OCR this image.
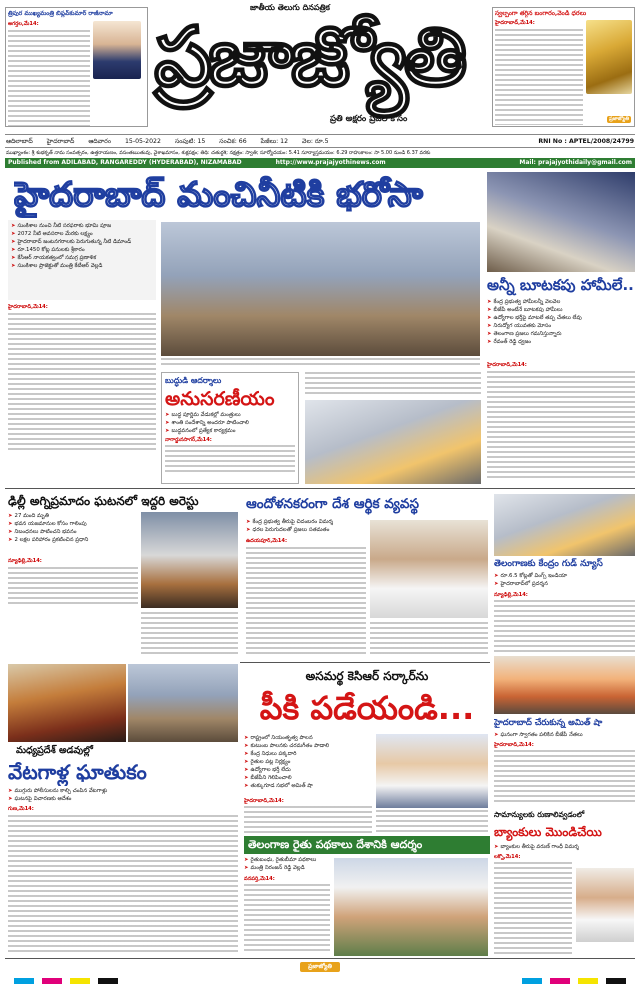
త్రిపుర ముఖ్యమంత్రి బిప్లవ్‌కుమార్ రాజీనామా
అగర్తల,మే14:
జాతీయ తెలుగు దినపత్రిక
ప్రజాజ్యోతి
ప్రతి అక్షరం ప్రజల కోసం
స్వల్పంగా తగ్గిన బంగారం,వెండి ధరలు
హైదరాబాద్,మే14:
ప్రజాజ్యోతి
ఆదిలాబాద్ హైదరాబాద్ ఆదివారం 15-05-2022 సంపుటి: 15 సంచిక: 66 పేజీలు: 12 వెల: రూ.5	RNI No : APTEL/2008/24799
ముఖ్యాంశం: శ్రీ శుభకృత్ నామ సంవత్సరం, ఉత్తరాయణం, వసంతఋతువు, వైశాఖమాసం, శుక్లపక్షం; తిథి: చతుర్దశి; నక్షత్రం: స్వాతి; సూర్యోదయం: 5.41 సూర్యాస్తమయం: 6.29 రాహుకాలం: సా 5.00 నుండి 6.37 వరకు
Published from ADILABAD, RANGAREDDY (HYDERABAD), NIZAMABAD	http://www.prajajyothinews.com	Mail: prajajyothidaily@gmail.com
హైదరాబాద్ మంచినీటికి భరోసా
➤ సుంకిశాల నుంచి నీటి సరఫరాకు భూమి పూజ
➤ 2072 నీటి అవసరాల మేరకు లక్ష్యం
➤ హైదరాబాద్ జంటనగరాలకు పెరుగుతున్న నీటి డిమాండ్
➤ రూ.1450 కోట్ల పనులకు శ్రీకారం
➤ కేసీఆర్ నాయకత్వంలో సమగ్ర ప్రణాళిక
➤ సుంకిశాల ప్రాజెక్టుతో మంత్రి కేటీఆర్ వెల్లడి
హైదరాబాద్,మే14:
అన్నీ బూటకపు హామీలే..
➤ కేంద్ర ప్రభుత్వ హామీలన్నీ వెలవెల
➤ బీజేపీ అంటేనే బూటకపు హామీలు
➤ ఉద్యోగాల భర్తీపై మాటలే తప్ప చేతలు లేవు
➤ నిరుద్యోగ యువతకు మోసం
➤ తెలంగాణ ప్రజలు గమనిస్తున్నారు
➤ రేవంత్ రెడ్డి ధ్వజం
హైదరాబాద్,మే14:
బుద్ధుడి ఆదర్శాలు
అనుసరణీయం
➤ బుద్ధ పూర్ణిమ వేడుకల్లో మంత్రులు
➤ శాంతి సందేశాన్ని అందరూ పాటించాలి
➤ బుద్ధవనంలో ప్రత్యేక కార్యక్రమం
నాగార్జునసాగర్,మే14:
ఢిల్లీ అగ్నిప్రమాదం ఘటనలో ఇద్దరి అరెస్టు
➤ 27 మంది మృతి
➤ భవన యజమానుల కోసం గాలింపు
➤ నిబంధనలు పాటించని భవనం
➤ 2 లక్షల పరిహారం ప్రకటించిన ప్రధాని
న్యూఢిల్లీ,మే14:
ఆందోళనకరంగా దేశ ఆర్థిక వ్యవస్థ
➤ కేంద్ర ప్రభుత్వ తీరుపై చిదంబరం విమర్శ
➤ ధరల పెరుగుదలతో ప్రజలు సతమతం
ఉదయపూర్,మే14:
తెలంగాణకు కేంద్రం గుడ్ న్యూస్
➤ రూ.6.5 కోట్లతో వింగ్స్ ఇండియా
➤ హైదరాబాద్‌లో ప్రదర్శన
న్యూఢిల్లీ,మే14:
అసమర్థ కెసిఆర్ సర్కార్‌ను
పీకి పడేయండి...
➤ రాష్ట్రంలో నియంతృత్వ పాలన
➤ కుటుంబ పాలనకు చరమగీతం పాడాలి
➤ కేంద్ర నిధులు పక్కదారి
➤ రైతుల పట్ల నిర్లక్ష్యం
➤ ఉద్యోగాల భర్తీ లేదు
➤ బీజేపీని గెలిపించాలి
➤ తుక్కుగూడ సభలో అమిత్ షా
హైదరాబాద్,మే14:
మధ్యప్రదేశ్ అడవుల్లో
వేటగాళ్ల ఘాతుకం
➤ ముగ్గురు పోలీసులను కాల్చి చంపిన వేటగాళ్లు
➤ ఘటనపై విచారణకు ఆదేశం
గుణ,మే14:
హైదరాబాద్ చేరుకున్న అమిత్ షా
➤ ఘనంగా స్వాగతం పలికిన బీజేపీ నేతలు
హైదరాబాద్,మే14:
సామాన్యులకు రుణాలివ్వడంలో
బ్యాంకులు మొండిచేయి
➤ బ్యాంకుల తీరుపై వరుణ్ గాంధీ విమర్శ
లక్నో,మే14:
తెలంగాణ రైతు పథకాలు దేశానికి ఆదర్శం
➤ రైతుబంధు, రైతుబీమా పథకాలు
➤ మంత్రి నిరంజన్ రెడ్డి వెల్లడి
వనపర్తి,మే14:
ప్రజాజ్యోతి
